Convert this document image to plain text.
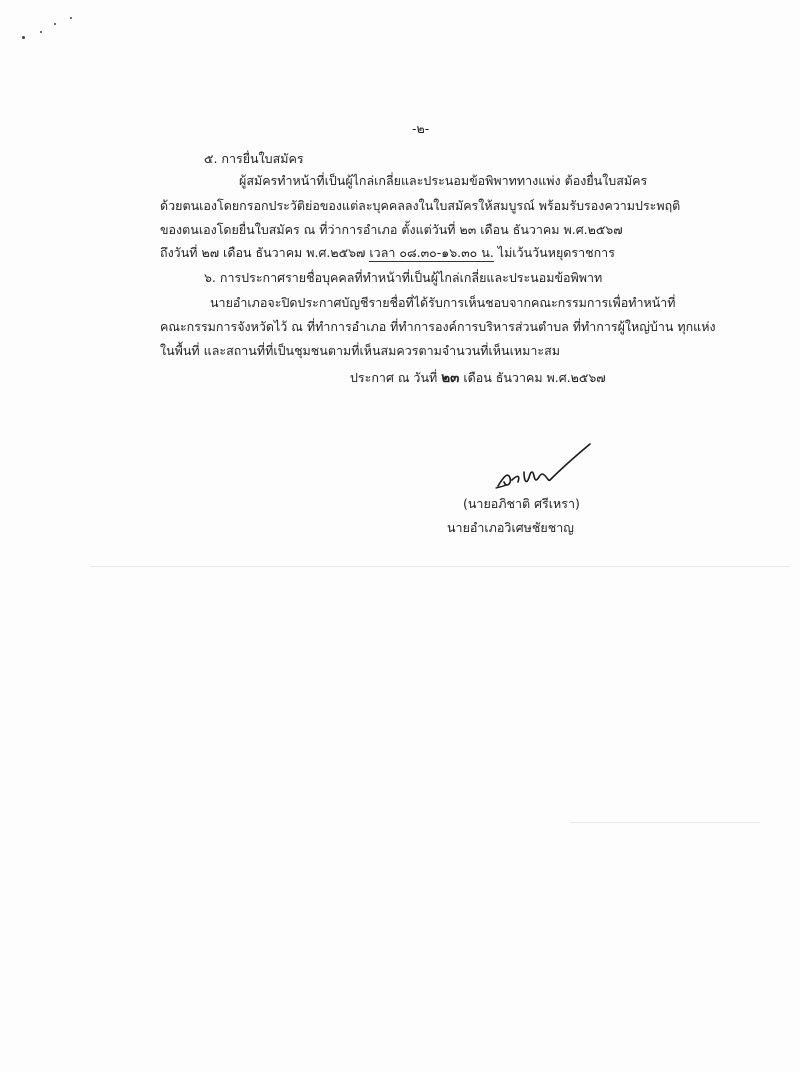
-๒-
๕. การยื่นใบสมัคร
ผู้สมัครทำหน้าที่เป็นผู้ไกล่เกลี่ยและประนอมข้อพิพาททางแพ่ง ต้องยื่นใบสมัคร
ด้วยตนเองโดยกรอกประวัติย่อของแต่ละบุคคลลงในใบสมัครให้สมบูรณ์ พร้อมรับรองความประพฤติ
ของตนเองโดยยื่นใบสมัคร ณ ที่ว่าการอำเภอ ตั้งแต่วันที่ ๒๓ เดือน ธันวาคม พ.ศ.๒๕๖๗
ถึงวันที่ ๒๗ เดือน ธันวาคม พ.ศ.๒๕๖๗ เวลา ๐๘.๓๐-๑๖.๓๐ น. ไม่เว้นวันหยุดราชการ
๖. การประกาศรายชื่อบุคคลที่ทำหน้าที่เป็นผู้ไกล่เกลี่ยและประนอมข้อพิพาท
นายอำเภอจะปิดประกาศบัญชีรายชื่อที่ได้รับการเห็นชอบจากคณะกรรมการเพื่อทำหน้าที่
คณะกรรมการจังหวัดไว้ ณ ที่ทำการอำเภอ ที่ทำการองค์การบริหารส่วนตำบล ที่ทำการผู้ใหญ่บ้าน ทุกแห่ง
ในพื้นที่ และสถานที่ที่เป็นชุมชนตามที่เห็นสมควรตามจำนวนที่เห็นเหมาะสม
ประกาศ ณ วันที่ ๒๓ เดือน ธันวาคม พ.ศ.๒๕๖๗
(นายอภิชาติ ศรีเหรา)
นายอำเภอวิเศษชัยชาญ
